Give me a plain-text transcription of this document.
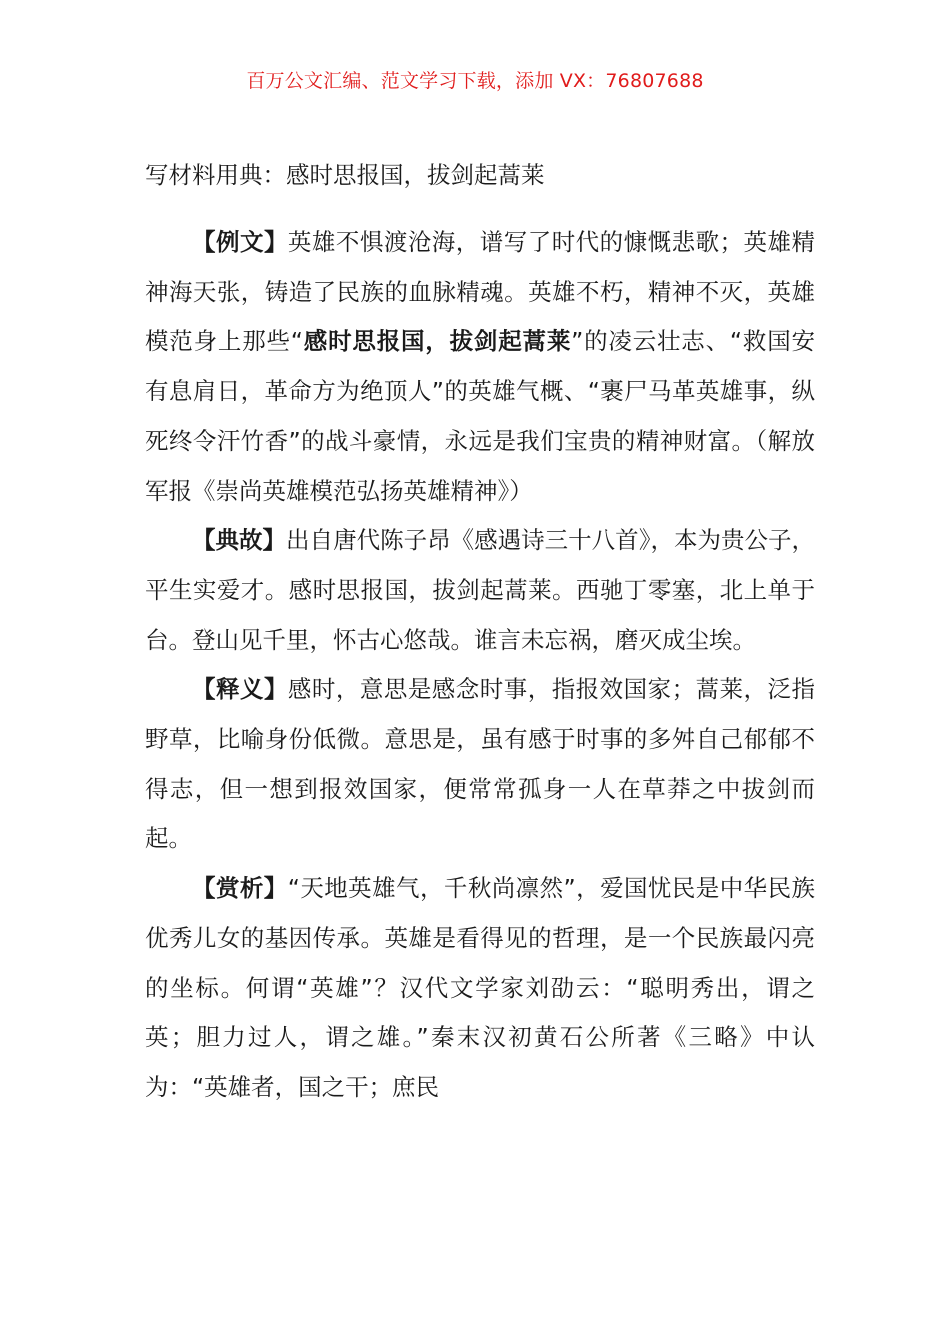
百万公文汇编、范文学习下载，添加 VX：76807688
写材料用典：感时思报国，拔剑起蒿莱

【例文】英雄不惧渡沧海，谱写了时代的慷慨悲歌；英雄精神海天张，铸造了民族的血脉精魂。英雄不朽，精神不灭，英雄模范身上那些“感时思报国，拔剑起蒿莱”的凌云壮志、“救国安有息肩日，革命方为绝顶人”的英雄气概、“裹尸马革英雄事，纵死终令汗竹香”的战斗豪情，永远是我们宝贵的精神财富。（解放军报《崇尚英雄模范弘扬英雄精神》）

【典故】出自唐代陈子昂《感遇诗三十八首》，本为贵公子，平生实爱才。感时思报国，拔剑起蒿莱。西驰丁零塞，北上单于台。登山见千里，怀古心悠哉。谁言未忘祸，磨灭成尘埃。

【释义】感时，意思是感念时事，指报效国家；蒿莱，泛指野草，比喻身份低微。意思是，虽有感于时事的多舛自己郁郁不得志，但一想到报效国家，便常常孤身一人在草莽之中拔剑而起。

【赏析】“天地英雄气，千秋尚凛然”，爱国忧民是中华民族优秀儿女的基因传承。英雄是看得见的哲理，是一个民族最闪亮的坐标。何谓“英雄”？汉代文学家刘劭云：“聪明秀出，谓之英；胆力过人，谓之雄。”秦末汉初黄石公所著《三略》中认为：“英雄者，国之干；庶民
